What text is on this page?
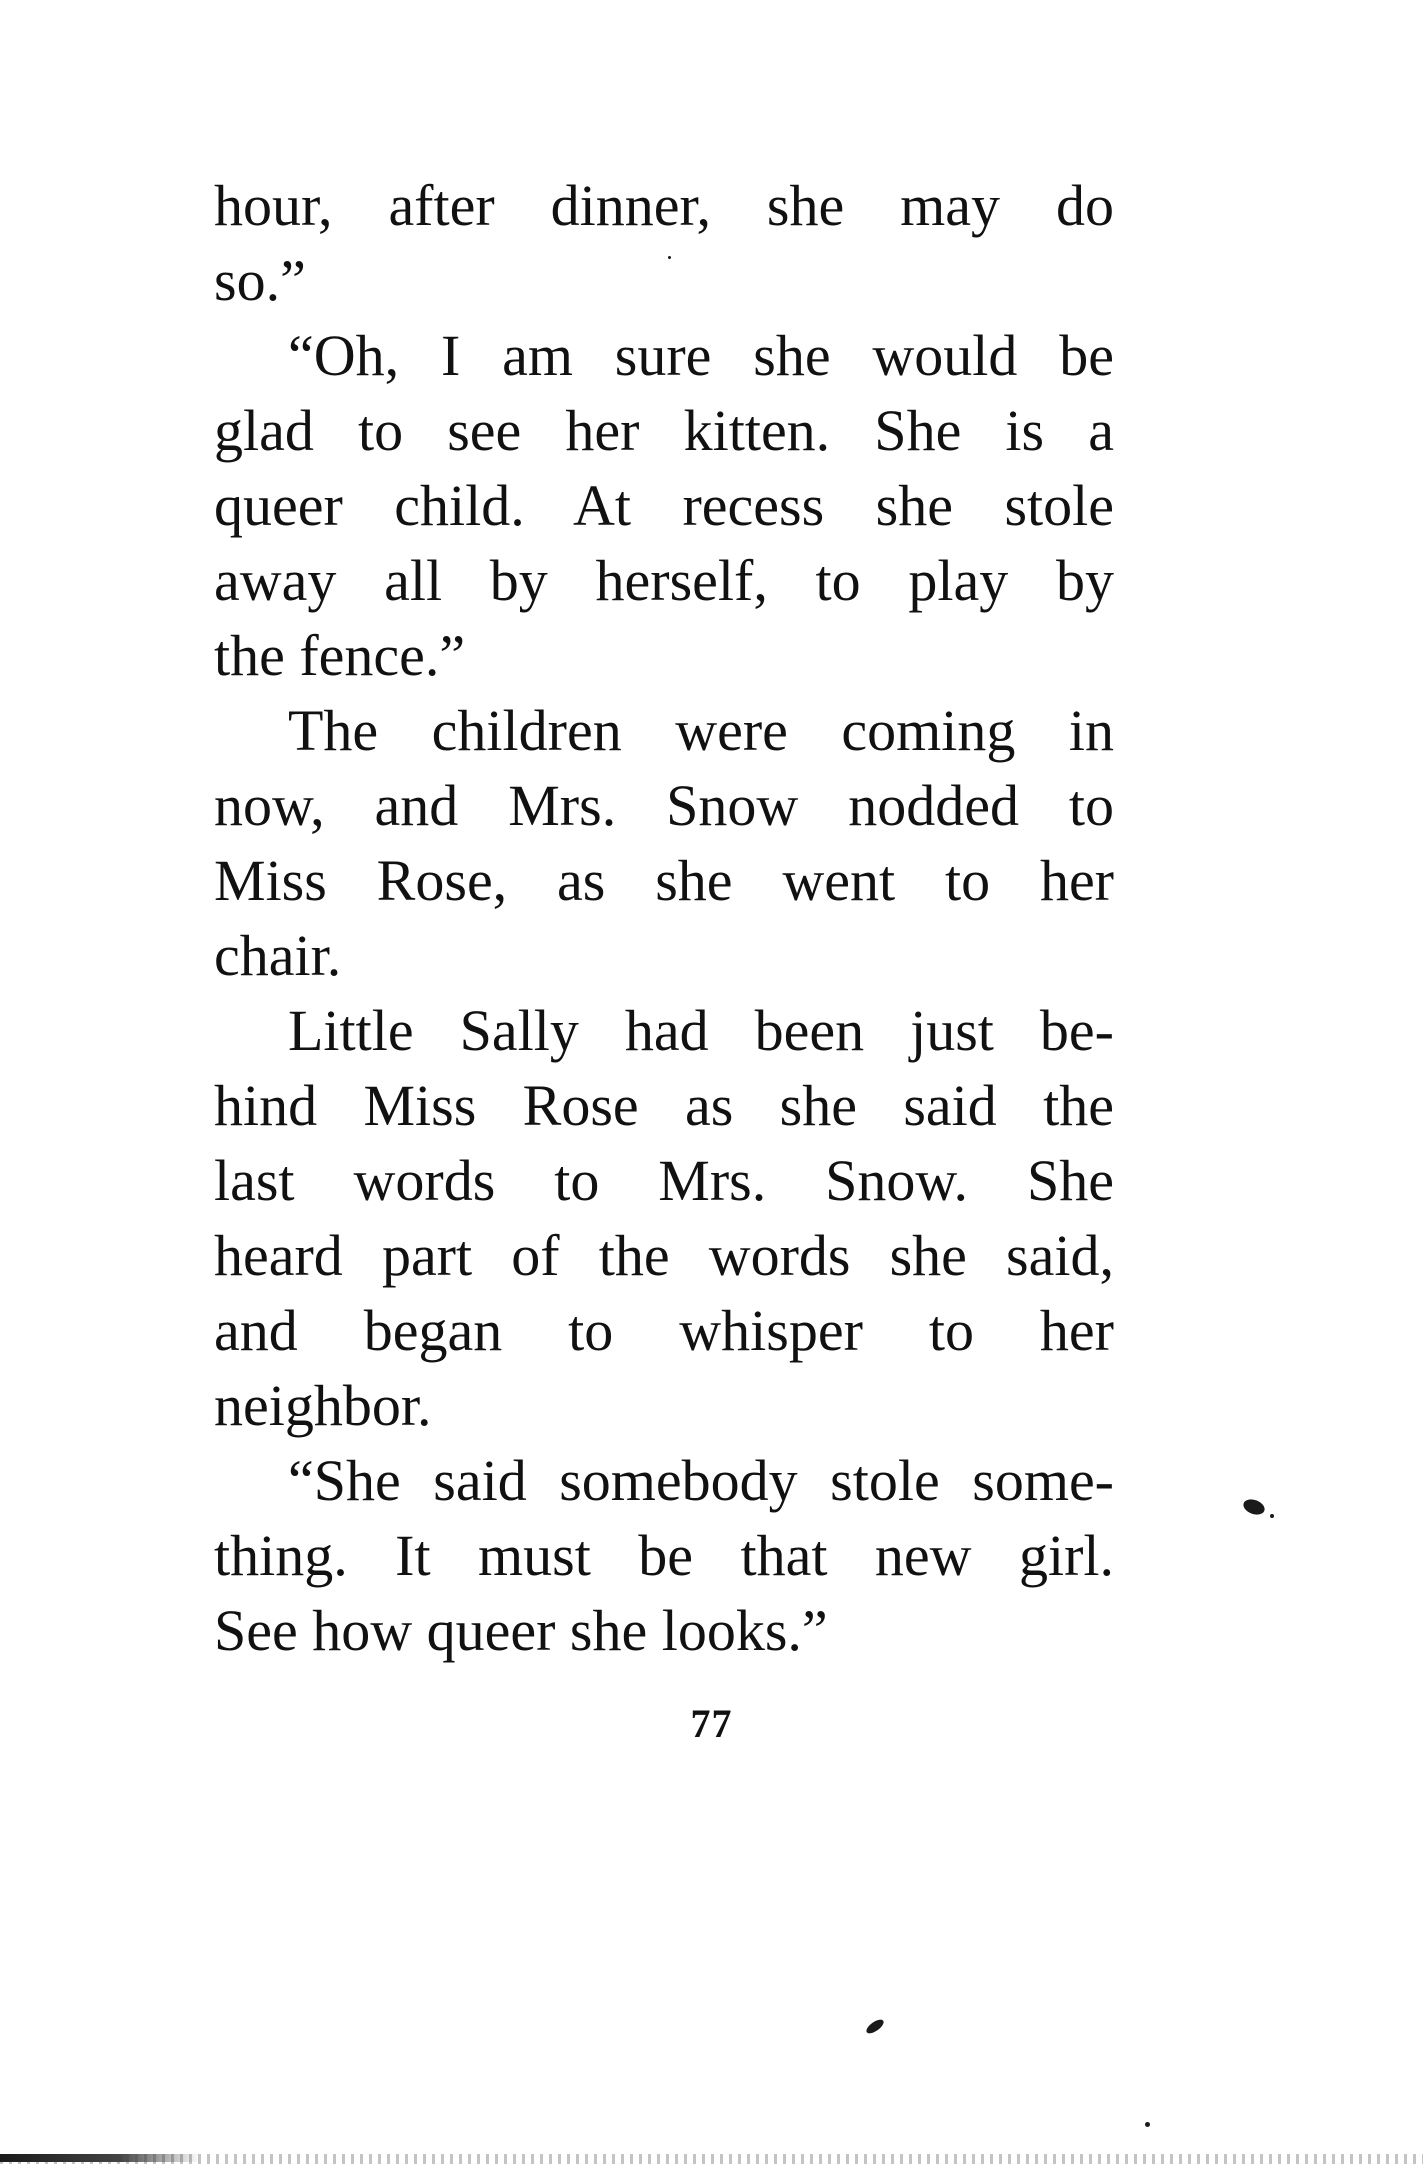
hour, after dinner, she may do
so.”
“Oh, I am sure she would be
glad to see her kitten. She is a
queer child. At recess she stole
away all by herself, to play by
the fence.”
The children were coming in
now, and Mrs. Snow nodded to
Miss Rose, as she went to her
chair.
Little Sally had been just be-
hind Miss Rose as she said the
last words to Mrs. Snow. She
heard part of the words she said,
and began to whisper to her
neighbor.
“She said somebody stole some-
thing. It must be that new girl.
See how queer she looks.”
77
